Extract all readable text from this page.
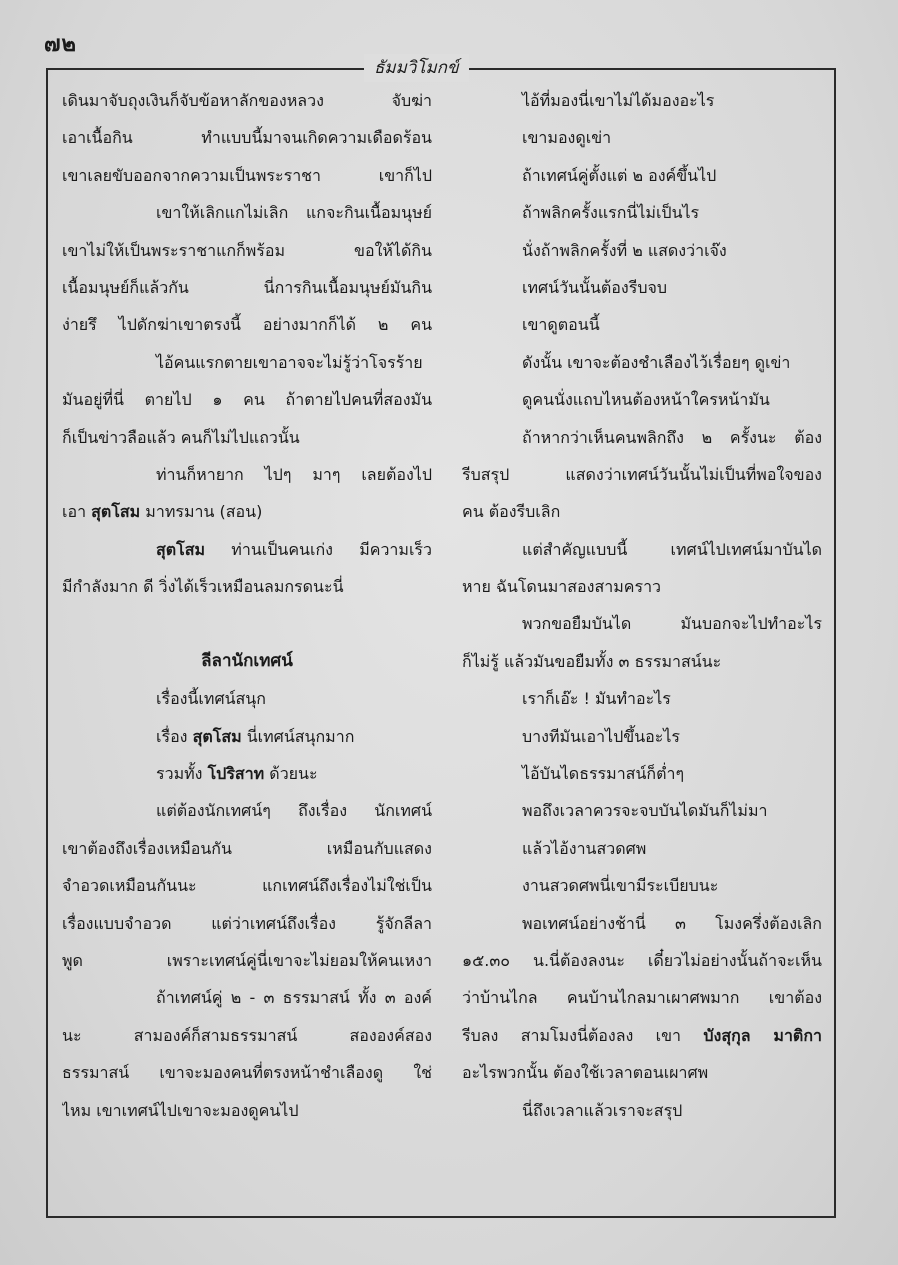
๗๒
ธัมมวิโมกข์
เดินมาจับถุงเงินก็จับข้อหาลักของหลวง จับฆ่า
เอาเนื้อกิน ทำแบบนี้มาจนเกิดความเดือดร้อน
เขาเลยขับออกจากความเป็นพระราชา เขาก็ไป
เขาให้เลิกแกไม่เลิก แกจะกินเนื้อมนุษย์
เขาไม่ให้เป็นพระราชาแกก็พร้อม ขอให้ได้กิน
เนื้อมนุษย์ก็แล้วกัน นี่การกินเนื้อมนุษย์มันกิน
ง่ายรึ ไปดักฆ่าเขาตรงนี้ อย่างมากก็ได้ ๒ คน
ไอ้คนแรกตายเขาอาจจะไม่รู้ว่าโจรร้าย
มันอยู่ที่นี่ ตายไป ๑ คน ถ้าตายไปคนที่สองมัน
ก็เป็นข่าวลือแล้ว คนก็ไม่ไปแถวนั้น
ท่านก็หายาก ไปๆ มาๆ เลยต้องไป
เอา สุตโสม มาทรมาน (สอน)
สุตโสม ท่านเป็นคนเก่ง มีความเร็ว
มีกำลังมาก ดี วิ่งได้เร็วเหมือนลมกรดนะนี่

ลีลานักเทศน์
เรื่องนี้เทศน์สนุก
เรื่อง สุตโสม นี่เทศน์สนุกมาก
รวมทั้ง โปริสาท ด้วยนะ
แต่ต้องนักเทศน์ๆ ถึงเรื่อง นักเทศน์
เขาต้องถึงเรื่องเหมือนกัน เหมือนกับแสดง
จำอวดเหมือนกันนะ แกเทศน์ถึงเรื่องไม่ใช่เป็น
เรื่องแบบจำอวด แต่ว่าเทศน์ถึงเรื่อง รู้จักลีลา
พูด เพราะเทศน์คู่นี่เขาจะไม่ยอมให้คนเหงา
ถ้าเทศน์คู่ ๒ - ๓ ธรรมาสน์ ทั้ง ๓ องค์
นะ สามองค์ก็สามธรรมาสน์ สององค์สอง
ธรรมาสน์ เขาจะมองคนที่ตรงหน้าชำเลืองดู ใช่
ไหม เขาเทศน์ไปเขาจะมองดูคนไป
ไอ้ที่มองนี่เขาไม่ได้มองอะไร
เขามองดูเข่า
ถ้าเทศน์คู่ตั้งแต่ ๒ องค์ขึ้นไป
ถ้าพลิกครั้งแรกนี่ไม่เป็นไร
นั่งถ้าพลิกครั้งที่ ๒ แสดงว่าเจ๊ง
เทศน์วันนั้นต้องรีบจบ
เขาดูตอนนี้
ดังนั้น เขาจะต้องชำเลืองไว้เรื่อยๆ ดูเข่า
ดูคนนั่งแถบไหนต้องหน้าใครหน้ามัน
ถ้าหากว่าเห็นคนพลิกถึง ๒ ครั้งนะ ต้อง
รีบสรุป แสดงว่าเทศน์วันนั้นไม่เป็นที่พอใจของ
คน ต้องรีบเลิก
แต่สำคัญแบบนี้ เทศน์ไปเทศน์มาบันได
หาย ฉันโดนมาสองสามคราว
พวกขอยืมบันได มันบอกจะไปทำอะไร
ก็ไม่รู้ แล้วมันขอยืมทั้ง ๓ ธรรมาสน์นะ
เราก็เอ๊ะ ! มันทำอะไร
บางทีมันเอาไปขึ้นอะไร
ไอ้บันไดธรรมาสน์ก็ต่ำๆ
พอถึงเวลาควรจะจบบันไดมันก็ไม่มา
แล้วไอ้งานสวดศพ
งานสวดศพนี่เขามีระเบียบนะ
พอเทศน์อย่างช้านี่ ๓ โมงครึ่งต้องเลิก
๑๕.๓๐ น.นี่ต้องลงนะ เดี๋ยวไม่อย่างนั้นถ้าจะเห็น
ว่าบ้านไกล คนบ้านไกลมาเผาศพมาก เขาต้อง
รีบลง สามโมงนี่ต้องลง เขา บังสุกุล มาติกา
อะไรพวกนั้น ต้องใช้เวลาตอนเผาศพ
นี่ถึงเวลาแล้วเราจะสรุป
